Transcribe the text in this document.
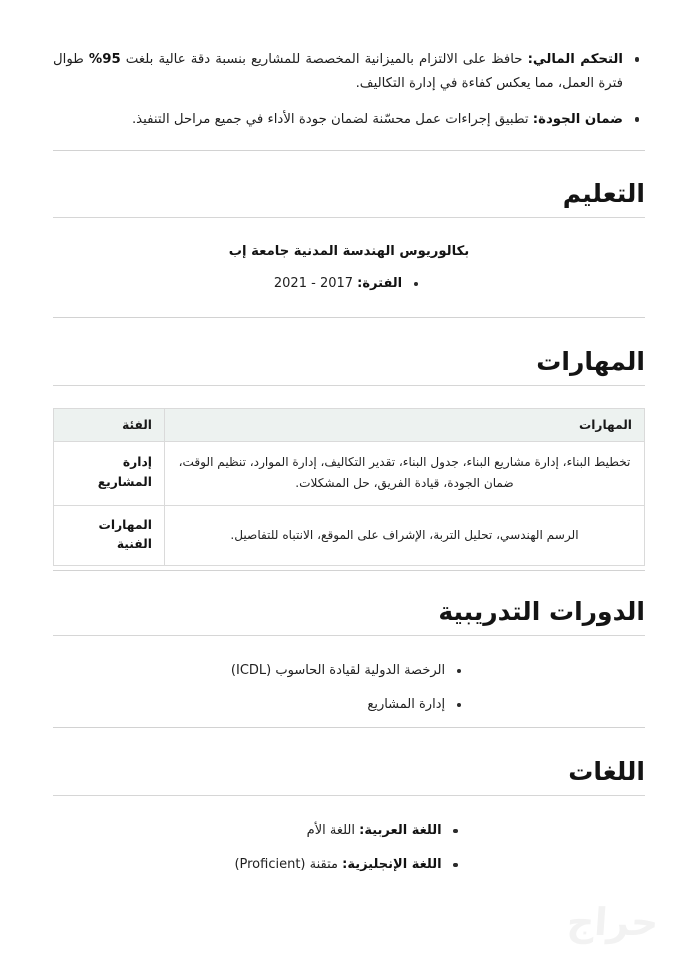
التحكم المالي: حافظ على الالتزام بالميزانية المخصصة للمشاريع بنسبة دقة عالية بلغت 95% طوال فترة العمل، مما يعكس كفاءة في إدارة التكاليف.
ضمان الجودة: تطبيق إجراءات عمل محسّنة لضمان جودة الأداء في جميع مراحل التنفيذ.
التعليم
بكالوريوس الهندسة المدنية جامعة إب
الفترة: 2017 - 2021
المهارات
المهارات	الفئة
تخطيط البناء، إدارة مشاريع البناء، جدول البناء، تقدير التكاليف، إدارة الموارد، تنظيم الوقت، ضمان الجودة، قيادة الفريق، حل المشكلات.	إدارة المشاريع
الرسم الهندسي، تحليل التربة، الإشراف على الموقع، الانتباه للتفاصيل.	المهارات الفنية
الدورات التدريبية
الرخصة الدولية لقيادة الحاسوب (ICDL)
إدارة المشاريع
اللغات
اللغة العربية: اللغة الأم
اللغة الإنجليزية: متقنة (Proficient)
حراج
